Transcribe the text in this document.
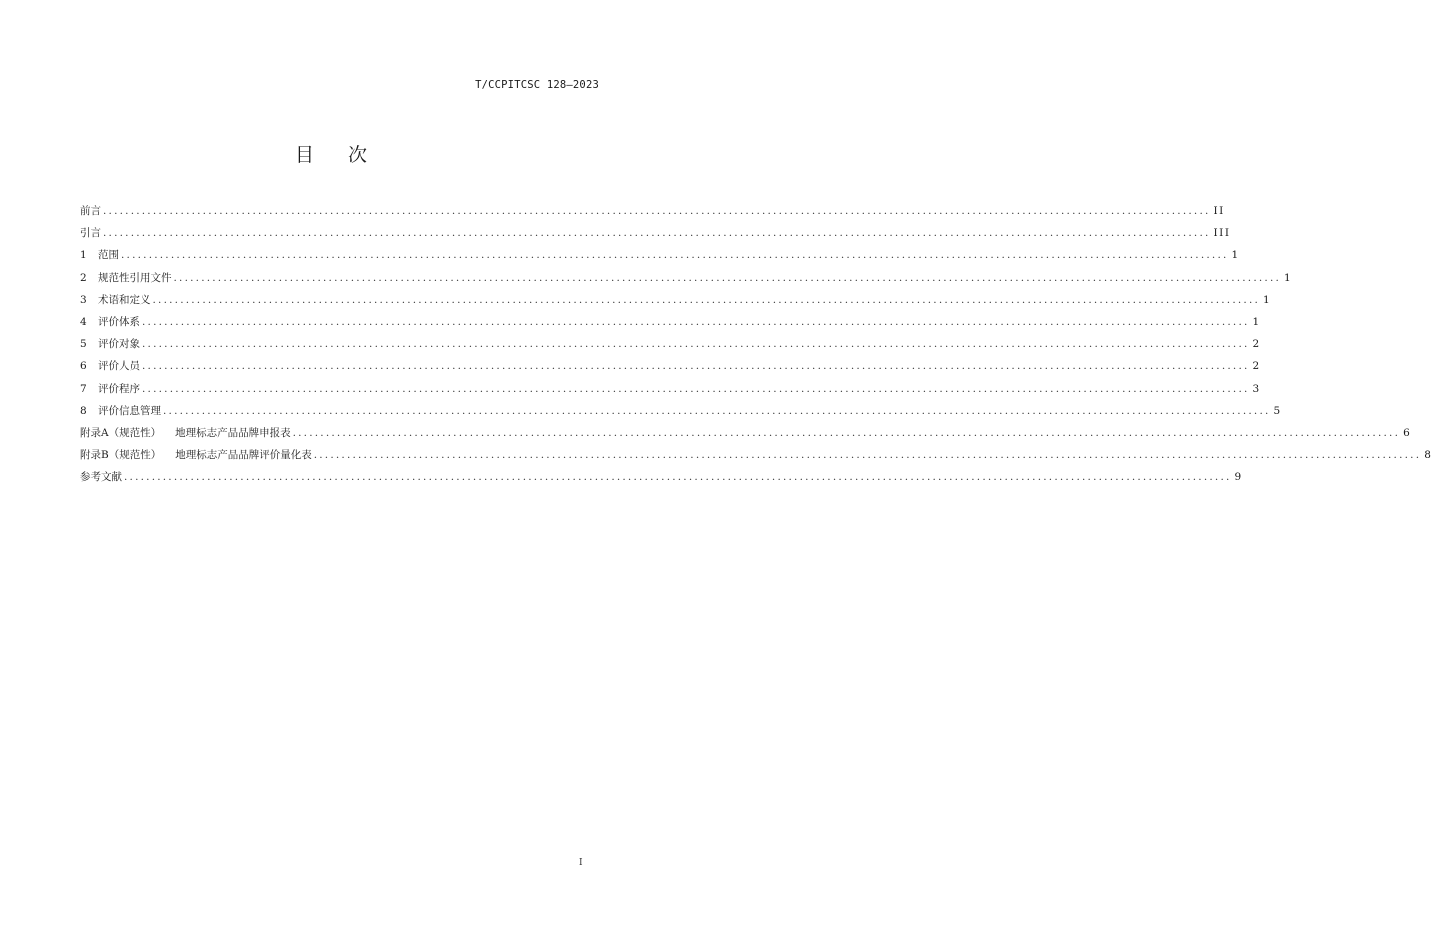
T/CCPITCSC 128—2023
目 次
前言 ........................................................................................................................................................................................................ II
引言 ........................................................................................................................................................................................................ III
1	范围 ........................................................................................................................................................................................................ 1
2	规范性引用文件 ........................................................................................................................................................................................................ 1
3	术语和定义 ........................................................................................................................................................................................................ 1
4	评价体系 ........................................................................................................................................................................................................ 1
5	评价对象 ........................................................................................................................................................................................................ 2
6	评价人员 ........................................................................................................................................................................................................ 2
7	评价程序 ........................................................................................................................................................................................................ 3
8	评价信息管理 ........................................................................................................................................................................................................ 5
附录A（规范性） 地理标志产品品牌申报表 ........................................................................................................................................................................................................ 6
附录B（规范性） 地理标志产品品牌评价量化表 ........................................................................................................................................................................................................ 8
参考文献 ........................................................................................................................................................................................................ 9
I
